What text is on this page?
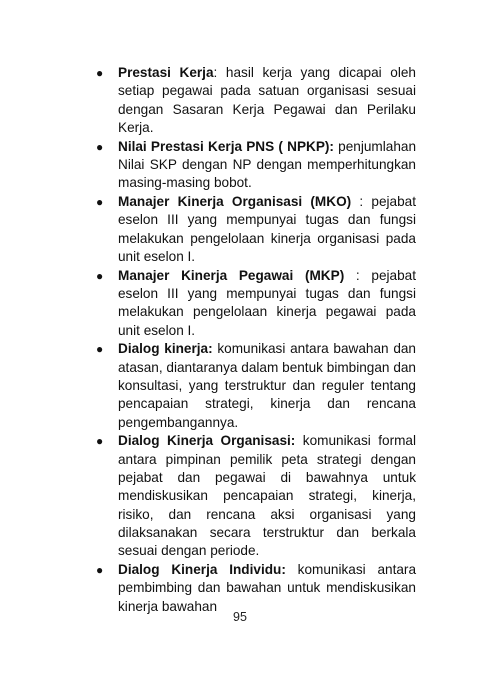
●	Prestasi Kerja: hasil kerja yang dicapai oleh setiap pegawai pada satuan organisasi sesuai dengan Sasaran Kerja Pegawai dan Perilaku Kerja.
●	Nilai Prestasi Kerja PNS ( NPKP): penjumlahan Nilai SKP dengan NP dengan memperhitungkan masing-masing bobot.
●	Manajer Kinerja Organisasi (MKO) : pejabat eselon III yang mempunyai tugas dan fungsi melakukan pengelolaan kinerja organisasi pada unit eselon I.
●	Manajer Kinerja Pegawai (MKP) : pejabat eselon III yang mempunyai tugas dan fungsi melakukan pengelolaan kinerja pegawai pada unit eselon I.
●	Dialog kinerja: komunikasi antara bawahan dan atasan, diantaranya dalam bentuk bimbingan dan konsultasi, yang terstruktur dan reguler tentang pencapaian strategi, kinerja dan rencana pengembangannya.
●	Dialog Kinerja Organisasi: komunikasi formal antara pimpinan pemilik peta strategi dengan pejabat dan pegawai di bawahnya untuk mendiskusikan pencapaian strategi, kinerja, risiko, dan rencana aksi organisasi yang dilaksanakan secara terstruktur dan berkala sesuai dengan periode.
●	Dialog Kinerja Individu: komunikasi antara pembimbing dan bawahan untuk mendiskusikan kinerja bawahan
95
